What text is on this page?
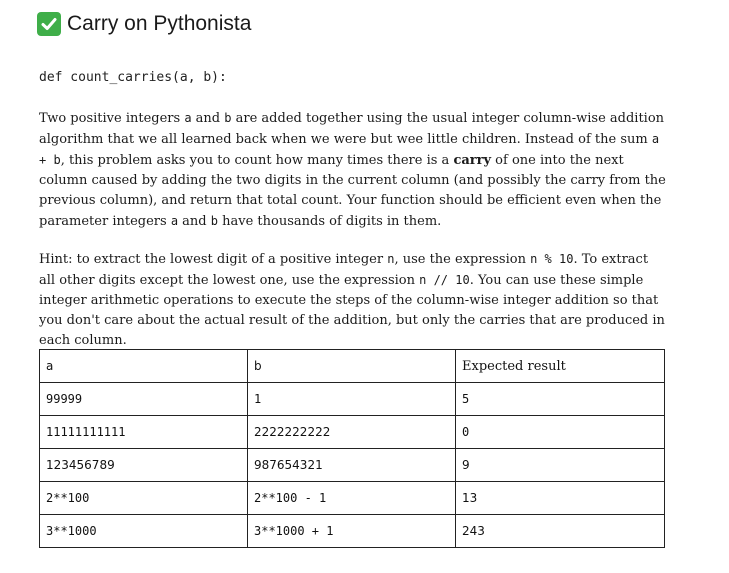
Carry on Pythonista
def count_carries(a, b):

Two positive integers a and b are added together using the usual integer column-wise addition algorithm that we all learned back when we were but wee little children. Instead of the sum a + b, this problem asks you to count how many times there is a carry of one into the next column caused by adding the two digits in the current column (and possibly the carry from the previous column), and return that total count. Your function should be efficient even when the parameter integers a and b have thousands of digits in them.

Hint: to extract the lowest digit of a positive integer n, use the expression n % 10. To extract all other digits except the lowest one, use the expression n // 10. You can use these simple integer arithmetic operations to execute the steps of the column-wise integer addition so that you don't care about the actual result of the addition, but only the carries that are produced in each column.

a	b	Expected result
99999	1	5
11111111111	2222222222	0
123456789	987654321	9
2**100	2**100 - 1	13
3**1000	3**1000 + 1	243
